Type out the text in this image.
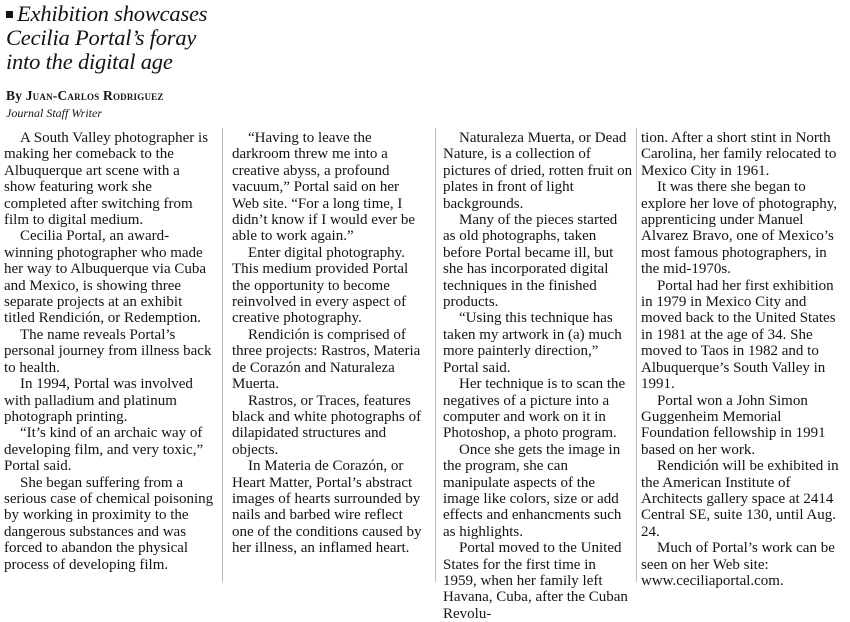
Exhibition showcases Cecilia Portal’s foray into the digital age
By Juan-Carlos Rodriguez
Journal Staff Writer

A South Valley photographer is making her comeback to the Albuquerque art scene with a show featuring work she completed after switching from film to digital medium.

Cecilia Portal, an award-winning photographer who made her way to Albuquerque via Cuba and Mexico, is showing three separate projects at an exhibit titled Rendición, or Redemption.

The name reveals Portal’s personal journey from illness back to health.

In 1994, Portal was involved with palladium and platinum photograph printing.

“It’s kind of an archaic way of developing film, and very toxic,” Portal said.

She began suffering from a serious case of chemical poisoning by working in proximity to the dangerous substances and was forced to abandon the physical process of developing film.

“Having to leave the darkroom threw me into a creative abyss, a profound vacuum,” Portal said on her Web site. “For a long time, I didn’t know if I would ever be able to work again.”

Enter digital photography. This medium provided Portal the opportunity to become reinvolved in every aspect of creative photography.

Rendición is comprised of three projects: Rastros, Materia de Corazón and Naturaleza Muerta.

Rastros, or Traces, features black and white photographs of dilapidated structures and objects.

In Materia de Corazón, or Heart Matter, Portal’s abstract images of hearts surrounded by nails and barbed wire reflect one of the conditions caused by her illness, an inflamed heart.

Naturaleza Muerta, or Dead Nature, is a collection of pictures of dried, rotten fruit on plates in front of light backgrounds.

Many of the pieces started as old photographs, taken before Portal became ill, but she has incorporated digital techniques in the finished products.

“Using this technique has taken my artwork in (a) much more painterly direction,” Portal said.

Her technique is to scan the negatives of a picture into a computer and work on it in Photoshop, a photo program.

Once she gets the image in the program, she can manipulate aspects of the image like colors, size or add effects and enhancments such as highlights.

Portal moved to the United States for the first time in 1959, when her family left Havana, Cuba, after the Cuban Revolu-

tion. After a short stint in North Carolina, her family relocated to Mexico City in 1961.

It was there she began to explore her love of photography, apprenticing under Manuel Alvarez Bravo, one of Mexico’s most famous photographers, in the mid-1970s.

Portal had her first exhibition in 1979 in Mexico City and moved back to the United States in 1981 at the age of 34. She moved to Taos in 1982 and to Albuquerque’s South Valley in 1991.

Portal won a John Simon Guggenheim Memorial Foundation fellowship in 1991 based on her work.

Rendición will be exhibited in the American Institute of Architects gallery space at 2414 Central SE, suite 130, until Aug. 24.

Much of Portal’s work can be seen on her Web site: www.ceciliaportal.com.
